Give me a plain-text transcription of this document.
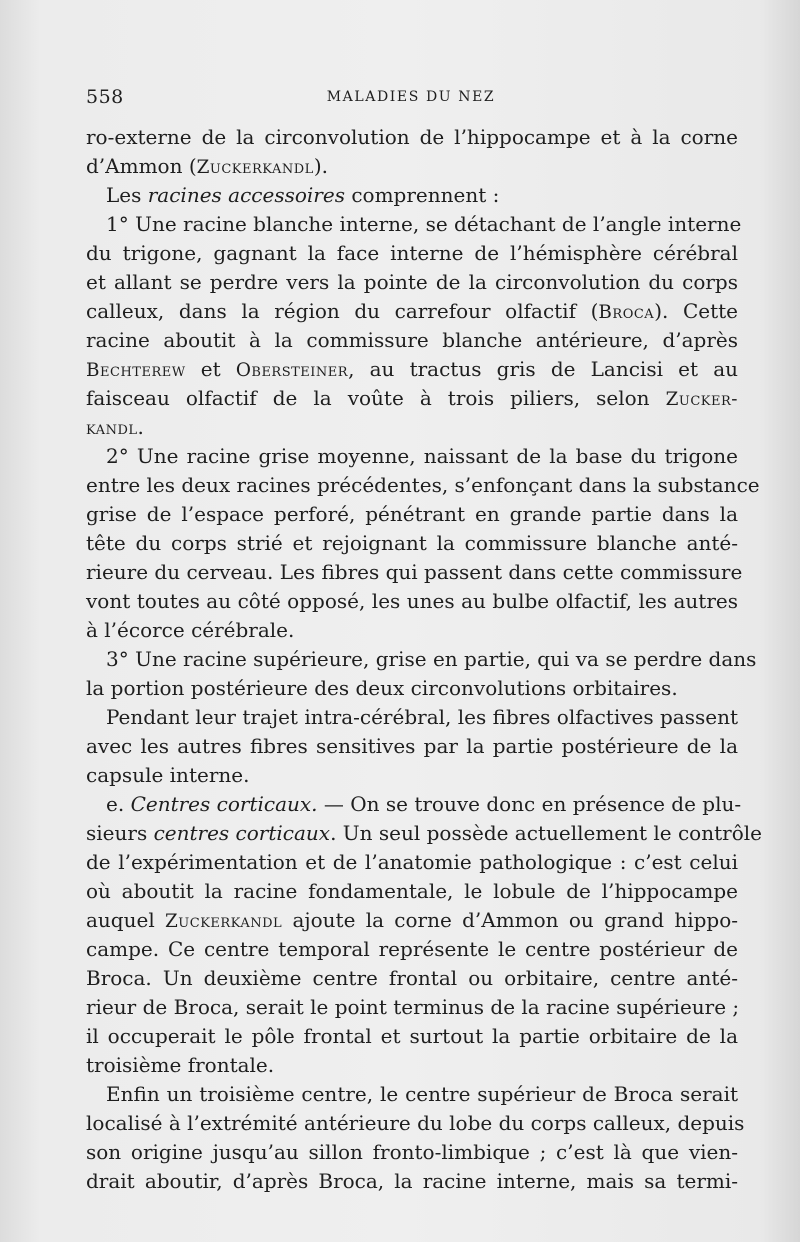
558	MALADIES DU NEZ
ro-externe de la circonvolution de l’hippocampe et à la corne
d’Ammon (Zuckerkandl).
Les racines accessoires comprennent :
1° Une racine blanche interne, se détachant de l’angle interne
du trigone, gagnant la face interne de l’hémisphère cérébral
et allant se perdre vers la pointe de la circonvolution du corps
calleux, dans la région du carrefour olfactif (Broca). Cette
racine aboutit à la commissure blanche antérieure, d’après
Bechterew et Obersteiner, au tractus gris de Lancisi et au
faisceau olfactif de la voûte à trois piliers, selon Zucker-
kandl.
2° Une racine grise moyenne, naissant de la base du trigone
entre les deux racines précédentes, s’enfonçant dans la substance
grise de l’espace perforé, pénétrant en grande partie dans la
tête du corps strié et rejoignant la commissure blanche anté-
rieure du cerveau. Les fibres qui passent dans cette commissure
vont toutes au côté opposé, les unes au bulbe olfactif, les autres
à l’écorce cérébrale.
3° Une racine supérieure, grise en partie, qui va se perdre dans
la portion postérieure des deux circonvolutions orbitaires.
Pendant leur trajet intra-cérébral, les fibres olfactives passent
avec les autres fibres sensitives par la partie postérieure de la
capsule interne.
e. Centres corticaux. — On se trouve donc en présence de plu-
sieurs centres corticaux. Un seul possède actuellement le contrôle
de l’expérimentation et de l’anatomie pathologique : c’est celui
où aboutit la racine fondamentale, le lobule de l’hippocampe
auquel Zuckerkandl ajoute la corne d’Ammon ou grand hippo-
campe. Ce centre temporal représente le centre postérieur de
Broca. Un deuxième centre frontal ou orbitaire, centre anté-
rieur de Broca, serait le point terminus de la racine supérieure ;
il occuperait le pôle frontal et surtout la partie orbitaire de la
troisième frontale.
Enfin un troisième centre, le centre supérieur de Broca serait
localisé à l’extrémité antérieure du lobe du corps calleux, depuis
son origine jusqu’au sillon fronto-limbique ; c’est là que vien-
drait aboutir, d’après Broca, la racine interne, mais sa termi-
